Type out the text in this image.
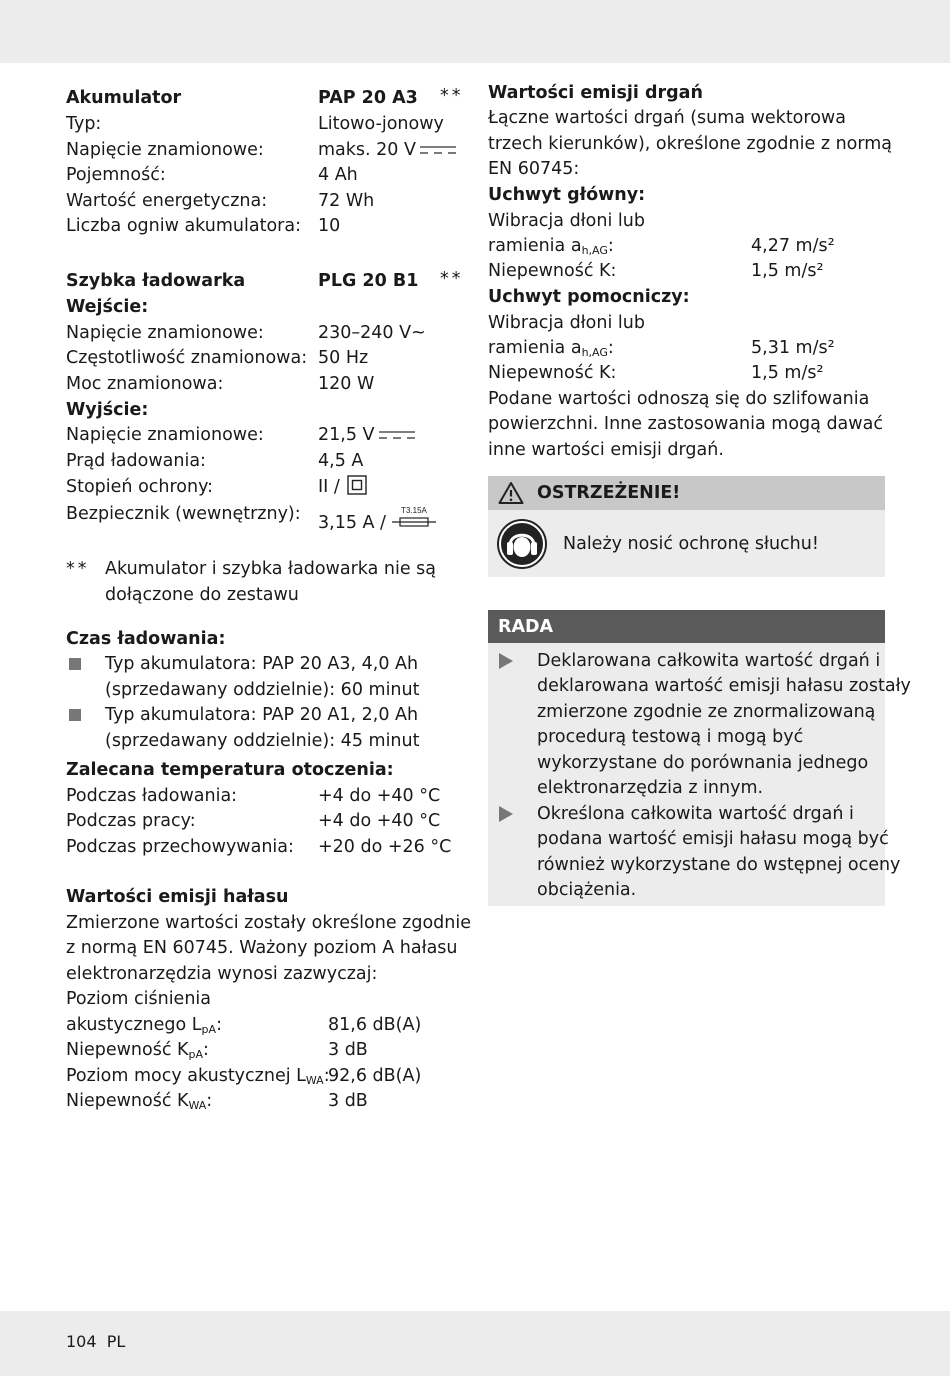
Akumulator	PAP 20 A3 **
Typ:	Litowo-jonowy
Napięcie znamionowe:	maks. 20 V
Pojemność:	4 Ah
Wartość energetyczna:	72 Wh
Liczba ogniw akumulatora: 10
Szybka ładowarka	PLG 20 B1 **
Wejście:
Napięcie znamionowe:	230–240 V~
Częstotliwość znamionowa: 50 Hz
Moc znamionowa:	120 W
Wyjście:
Napięcie znamionowe:	21,5 V
Prąd ładowania:	4,5 A
Stopień ochrony:	II /
Bezpiecznik (wewnętrzny): 3,15 A /
T3.15A
** Akumulator i szybka ładowarka nie są
dołączone do zestawu
Czas ładowania:
Typ akumulatora: PAP 20 A3, 4,0 Ah
(sprzedawany oddzielnie): 60 minut
Typ akumulatora: PAP 20 A1, 2,0 Ah
(sprzedawany oddzielnie): 45 minut
Zalecana temperatura otoczenia:
Podczas ładowania:	+4 do +40 °C
Podczas pracy:	+4 do +40 °C
Podczas przechowywania: +20 do +26 °C
Wartości emisji hałasu
Zmierzone wartości zostały określone zgodnie
z normą EN 60745. Ważony poziom A hałasu
elektronarzędzia wynosi zazwyczaj:
Poziom ciśnienia
akustycznego $L_{pA}$:	81,6 dB(A)
Niepewność $K_{pA}$:	3 dB
Poziom mocy akustycznej $L_{WA}$:
92,6 dB(A)
Niepewność $K_{WA}$:	3 dB
Wartości emisji drgań
Łączne wartości drgań (suma wektorowa
trzech kierunków), określone zgodnie z normą
EN 60745:
Uchwyt główny:
Wibracja dłoni lub
ramienia $a_{h,AG}$:	4,27 m/s²
Niepewność K:	1,5 m/s²
Uchwyt pomocniczy:
Wibracja dłoni lub
ramienia $a_{h,AG}$:	5,31 m/s²
Niepewność K:	1,5 m/s²
Podane wartości odnoszą się do szlifowania
powierzchni. Inne zastosowania mogą dawać
inne wartości emisji drgań.
OSTRZEŻENIE!
Należy nosić ochronę słuchu!
RADA
Deklarowana całkowita wartość drgań i
deklarowana wartość emisji hałasu zostały
zmierzone zgodnie ze znormalizowaną
procedurą testową i mogą być
wykorzystane do porównania jednego
elektronarzędzia z innym.
Określona całkowita wartość drgań i
podana wartość emisji hałasu mogą być
również wykorzystane do wstępnej oceny
obciążenia.
104 PL
